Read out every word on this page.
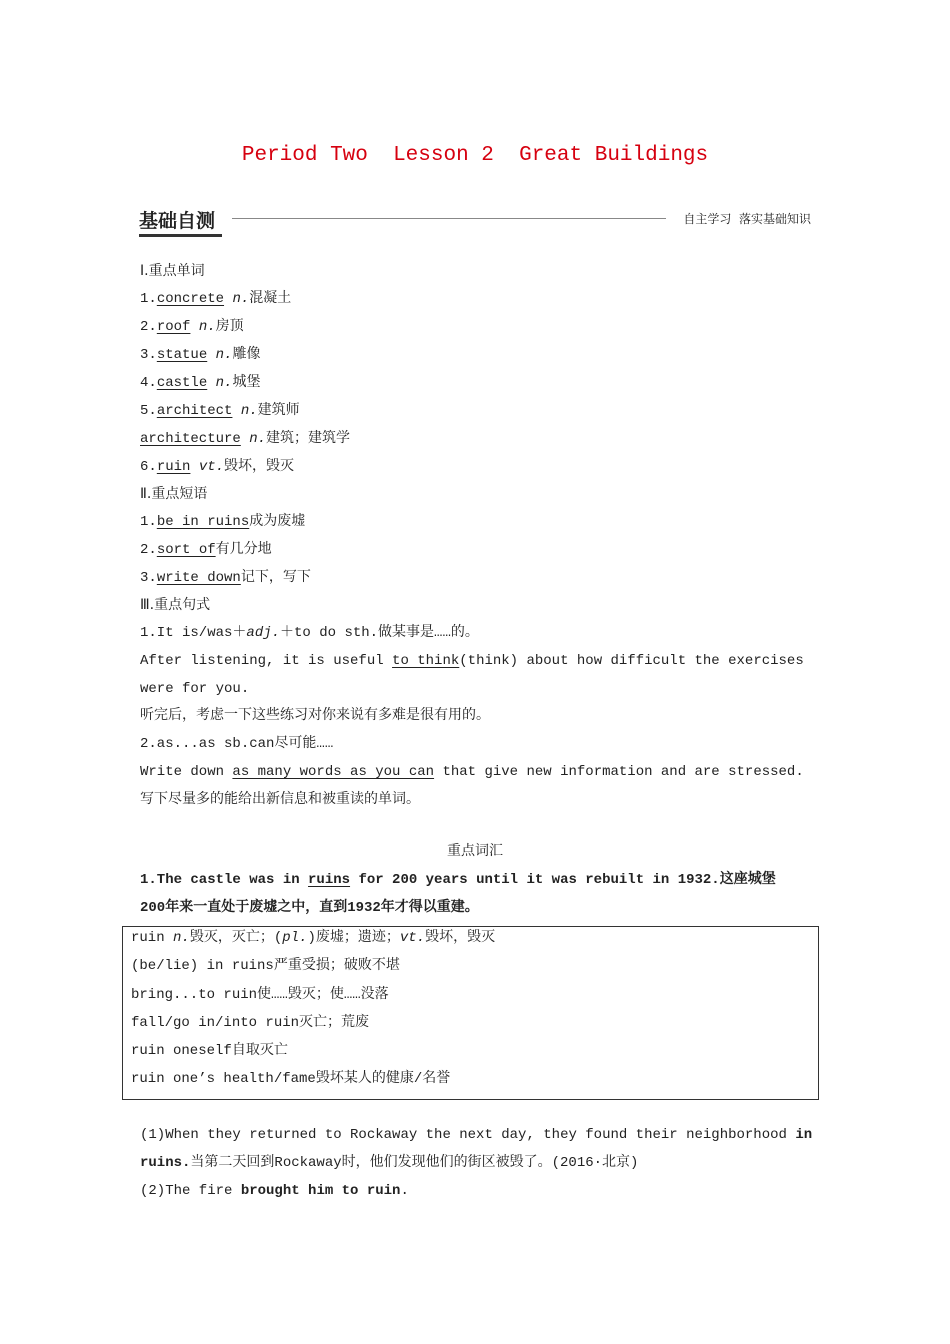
Period Two  Lesson 2  Great Buildings
基础自测	自主学习  落实基础知识
Ⅰ.重点单词
1.concrete n.混凝土
2.roof n.房顶
3.statue n.雕像
4.castle n.城堡
5.architect n.建筑师
architecture n.建筑；建筑学
6.ruin vt.毁坏，毁灭
Ⅱ.重点短语
1.be in ruins成为废墟
2.sort of有几分地
3.write down记下，写下
Ⅲ.重点句式
1.It is/was＋adj.＋to do sth.做某事是……的。
After listening, it is useful to think(think) about how difficult the exercises
were for you.
听完后，考虑一下这些练习对你来说有多难是很有用的。
2.as...as sb.can尽可能……
Write down as many words as you can that give new information and are stressed.
写下尽量多的能给出新信息和被重读的单词。
重点词汇
1.The castle was in ruins for 200 years until it was rebuilt in 1932.这座城堡
200年来一直处于废墟之中，直到1932年才得以重建。
ruin n.毁灭，灭亡；(pl.)废墟；遗迹；vt.毁坏，毁灭
(be/lie) in ruins严重受损；破败不堪
bring...to ruin使……毁灭；使……没落
fall/go in/into ruin灭亡；荒废
ruin oneself自取灭亡
ruin one’s health/fame毁坏某人的健康/名誉
(1)When they returned to Rockaway the next day, they found their neighborhood in
ruins.当第二天回到Rockaway时，他们发现他们的街区被毁了。(2016·北京)
(2)The fire brought him to ruin.
